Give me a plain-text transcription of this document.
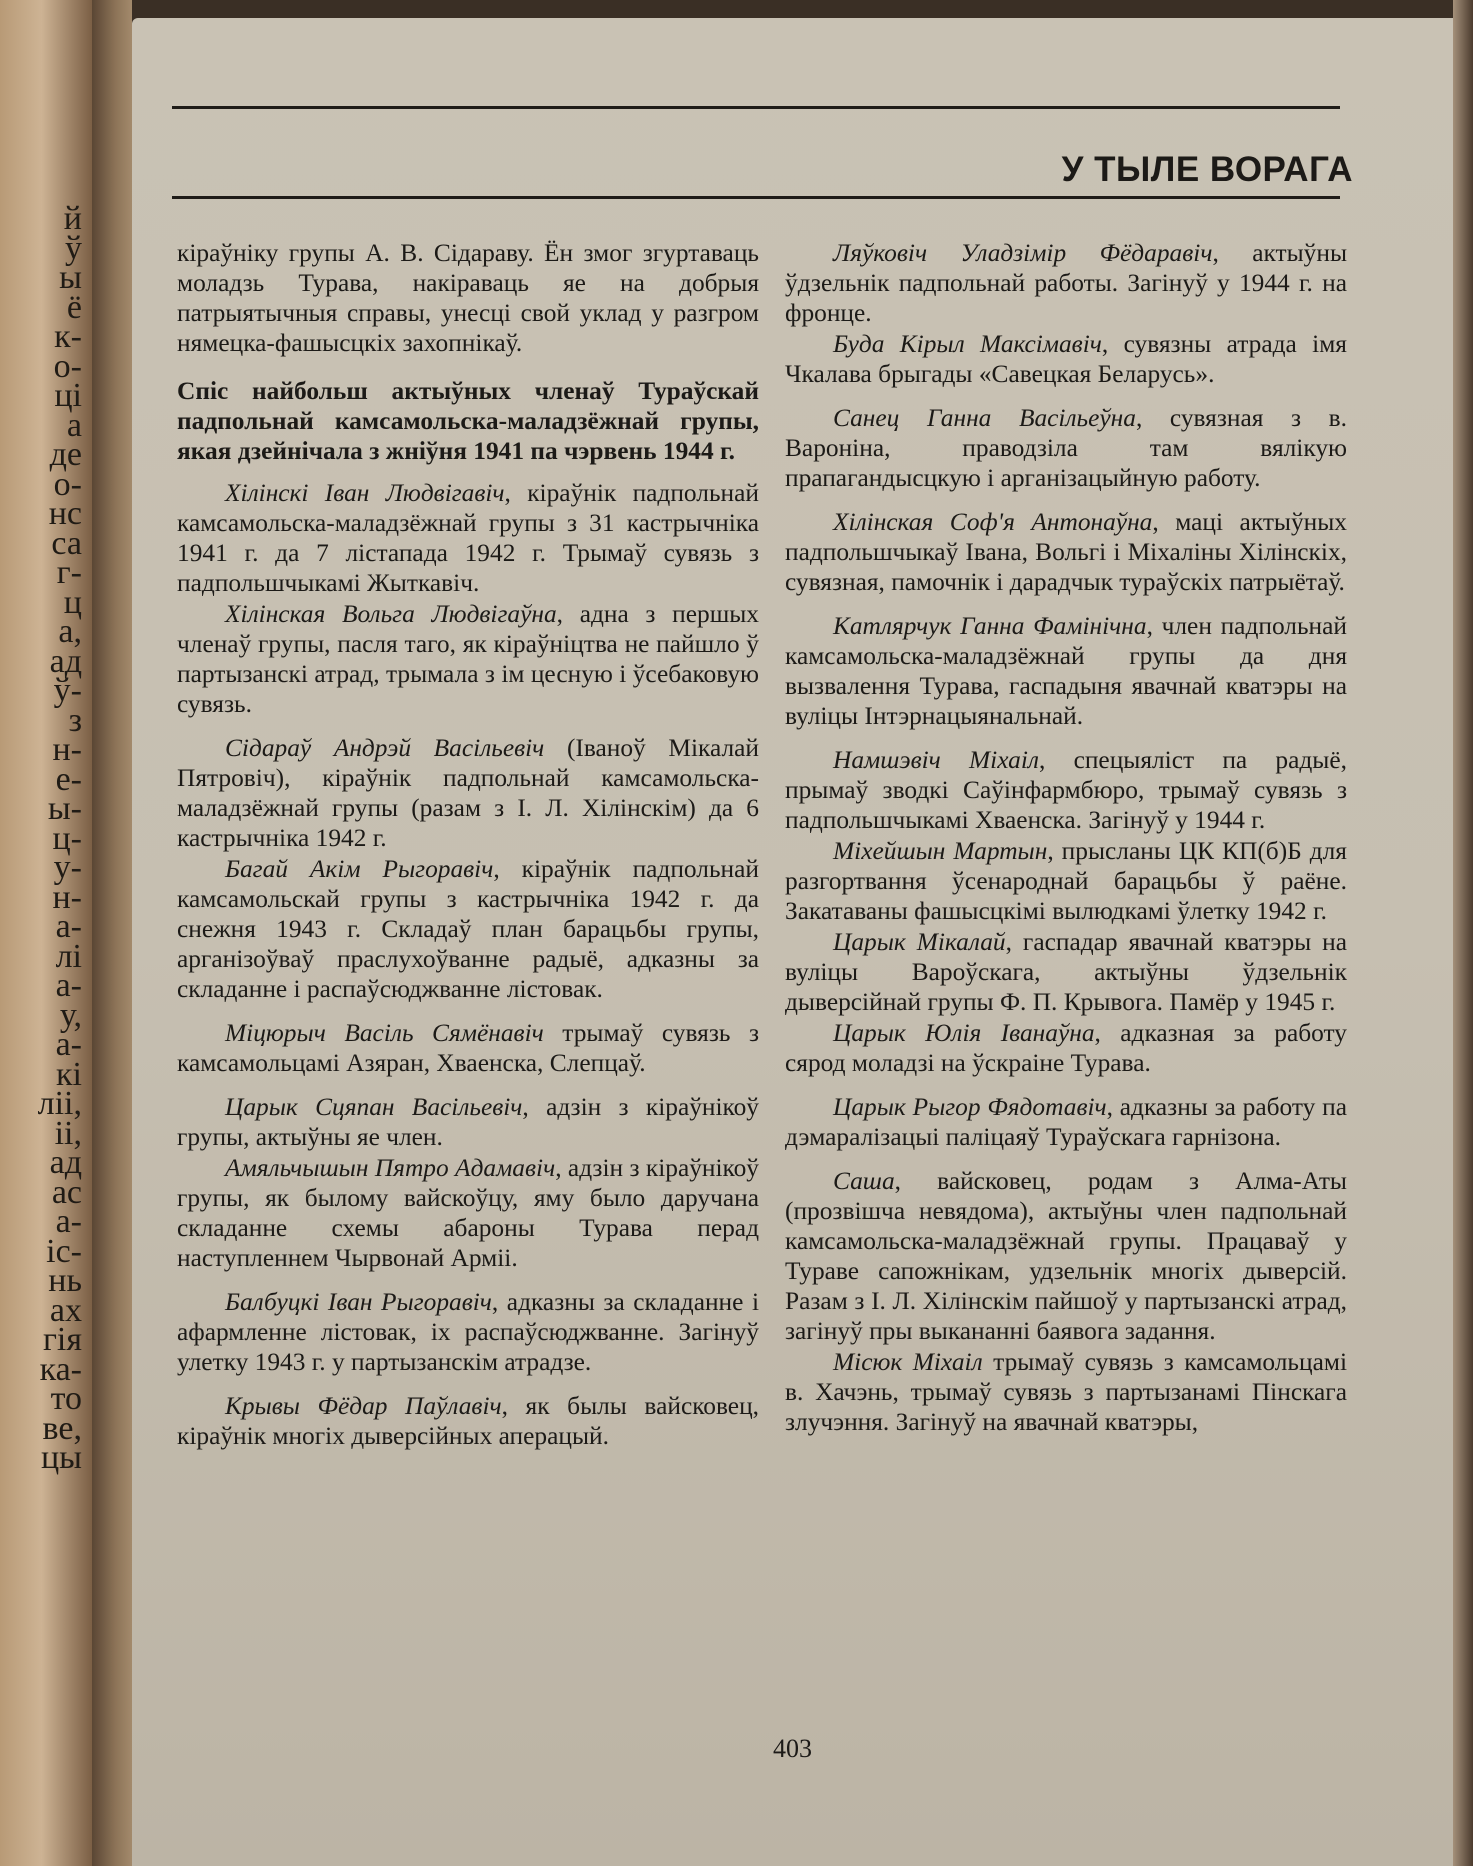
й
ў
ы
ё
к-
о-
ці
а
де
о-
нс
са
г-
ц
а,
ад
ў-
з
н-
е-
ы-
ц-
у-
н-
а-
лі
а-
у,
а-
кі
ліі,
іі,
ад
ас
а-
іс-
нь
ах
гія
ка-
то
ве,
цы
У ТЫЛЕ ВОРАГА

кіраўніку групы А. В. Сідараву. Ён змог згуртаваць моладзь Турава, накіраваць яе на добрыя патрыятычныя справы, унесці свой уклад у разгром нямецка-фашысцкіх захопнікаў.

Спіс найбольш актыўных членаў Тураўскай падпольнай камсамольска-маладзёжнай групы, якая дзейнічала з жніўня 1941 па чэрвень 1944 г.

Хілінскі Іван Людвігавіч, кіраўнік падпольнай камсамольска-маладзёжнай групы з 31 кастрычніка 1941 г. да 7 лістапада 1942 г. Трымаў сувязь з падпольшчыкамі Жыткавіч.

Хілінская Вольга Людвігаўна, адна з першых членаў групы, пасля таго, як кіраўніцтва не пайшло ў партызанскі атрад, трымала з ім цесную і ўсебаковую сувязь.

Сідараў Андрэй Васільевіч (Іваноў Мікалай Пятровіч), кіраўнік падпольнай камсамольска-маладзёжнай групы (разам з І. Л. Хілінскім) да 6 кастрычніка 1942 г.

Багай Акім Рыгоравіч, кіраўнік падпольнай камсамольскай групы з кастрычніка 1942 г. да снежня 1943 г. Складаў план барацьбы групы, арганізоўваў праслухоўванне радыё, адказны за складанне і распаўсюджванне лістовак.

Міцюрыч Васіль Сямёнавіч трымаў сувязь з камсамольцамі Азяран, Хваенска, Слепцаў.

Царык Сцяпан Васільевіч, адзін з кіраўнікоў групы, актыўны яе член.

Амяльчышын Пятро Адамавіч, адзін з кіраўнікоў групы, як былому вайскоўцу, яму было даручана складанне схемы абароны Турава перад наступленнем Чырвонай Арміі.

Балбуцкі Іван Рыгоравіч, адказны за складанне і афармленне лістовак, іх распаўсюджванне. Загінуў улетку 1943 г. у партызанскім атрадзе.

Крывы Фёдар Паўлавіч, як былы вайсковец, кіраўнік многіх дыверсійных аперацый.

Ляўковіч Уладзімір Фёдаравіч, актыўны ўдзельнік падпольнай работы. Загінуў у 1944 г. на фронце.

Буда Кірыл Максімавіч, сувязны атрада імя Чкалава брыгады «Савецкая Беларусь».

Санец Ганна Васільеўна, сувязная з в. Вароніна, праводзіла там вялікую прапагандысцкую і арганізацыйную работу.

Хілінская Соф'я Антонаўна, маці актыўных падпольшчыкаў Івана, Вольгі і Міхаліны Хілінскіх, сувязная, памочнік і дарадчык тураўскіх патрыётаў.

Катлярчук Ганна Фамінічна, член падпольнай камсамольска-маладзёжнай групы да дня вызвалення Турава, гаспадыня явачнай кватэры на вуліцы Інтэрнацыянальнай.

Намшэвіч Міхаіл, спецыяліст па радыё, прымаў зводкі Саўінфармбюро, трымаў сувязь з падпольшчыкамі Хваенска. Загінуў у 1944 г.

Міхейшын Мартын, прысланы ЦК КП(б)Б для разгортвання ўсенароднай барацьбы ў раёне. Закатаваны фашысцкімі вылюдкамі ўлетку 1942 г.

Царык Мікалай, гаспадар явачнай кватэры на вуліцы Вароўскага, актыўны ўдзельнік дыверсійнай групы Ф. П. Крывога. Памёр у 1945 г.

Царык Юлія Іванаўна, адказная за работу сярод моладзі на ўскраіне Турава.

Царык Рыгор Фядотавіч, адказны за работу па дэмаралізацыі паліцаяў Тураўскага гарнізона.

Саша, вайсковец, родам з Алма-Аты (прозвішча невядома), актыўны член падпольнай камсамольска-маладзёжнай групы. Працаваў у Тураве сапожнікам, удзельнік многіх дыверсій. Разам з І. Л. Хілінскім пайшоў у партызанскі атрад, загінуў пры выкананні баявога задання.

Місюк Міхаіл трымаў сувязь з камсамольцамі в. Хачэнь, трымаў сувязь з партызанамі Пінскага злучэння. Загінуў на явачнай кватэры,

403
